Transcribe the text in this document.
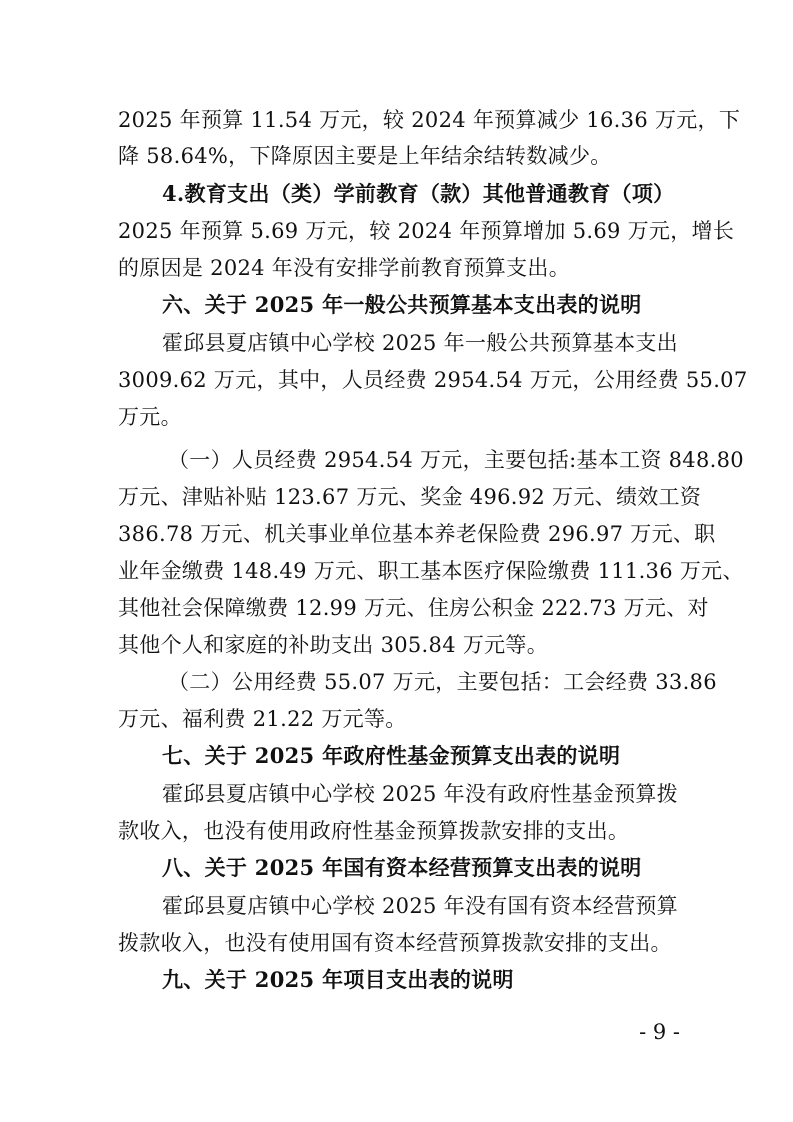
2025 年预算 11.54 万元，较 2024 年预算减少 16.36 万元，下
降 58.64%，下降原因主要是上年结余结转数减少。
4.教育支出（类）学前教育（款）其他普通教育（项）
2025 年预算 5.69 万元，较 2024 年预算增加 5.69 万元，增长
的原因是 2024 年没有安排学前教育预算支出。
六、关于 2025 年一般公共预算基本支出表的说明
霍邱县夏店镇中心学校 2025 年一般公共预算基本支出
3009.62 万元，其中，人员经费 2954.54 万元，公用经费 55.07
万元。
（一）人员经费 2954.54 万元，主要包括:基本工资 848.80
万元、津贴补贴 123.67 万元、奖金 496.92 万元、绩效工资
386.78 万元、机关事业单位基本养老保险费 296.97 万元、职
业年金缴费 148.49 万元、职工基本医疗保险缴费 111.36 万元、
其他社会保障缴费 12.99 万元、住房公积金 222.73 万元、对
其他个人和家庭的补助支出 305.84 万元等。
（二）公用经费 55.07 万元，主要包括：工会经费 33.86
万元、福利费 21.22 万元等。
七、关于 2025 年政府性基金预算支出表的说明
霍邱县夏店镇中心学校 2025 年没有政府性基金预算拨
款收入，也没有使用政府性基金预算拨款安排的支出。
八、关于 2025 年国有资本经营预算支出表的说明
霍邱县夏店镇中心学校 2025 年没有国有资本经营预算
拨款收入，也没有使用国有资本经营预算拨款安排的支出。
九、关于 2025 年项目支出表的说明
- 9 -
